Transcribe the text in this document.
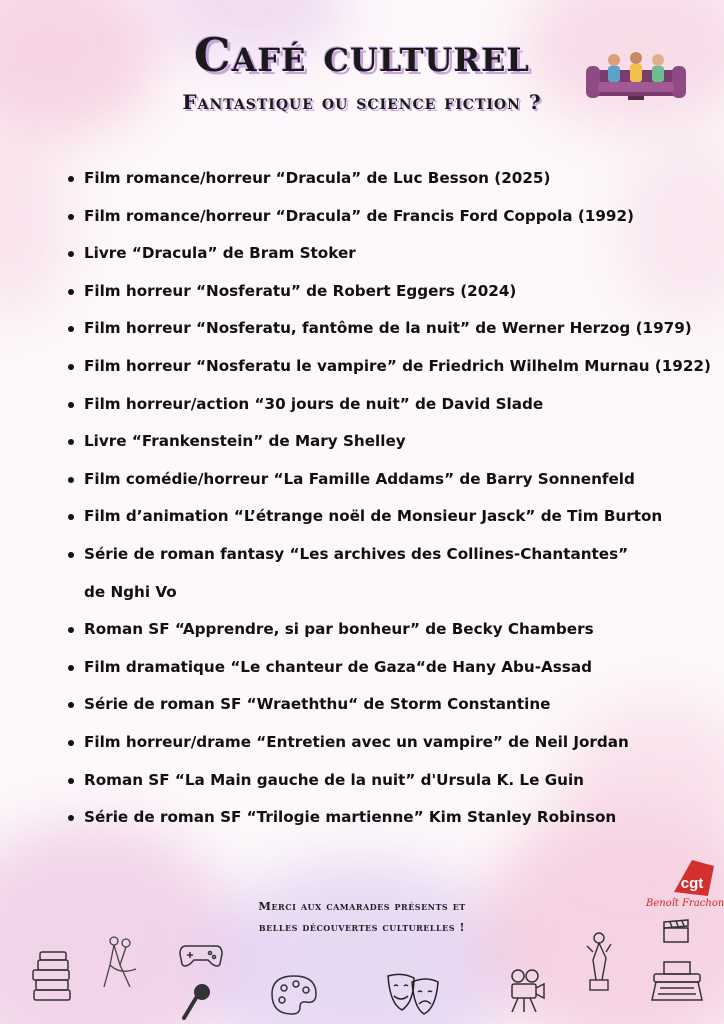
Café culturel
Fantastique ou science fiction ?
Film romance/horreur “Dracula” de Luc Besson (2025)
Film romance/horreur “Dracula” de Francis Ford Coppola (1992)
Livre “Dracula” de Bram Stoker
Film horreur “Nosferatu” de Robert Eggers (2024)
Film horreur “Nosferatu, fantôme de la nuit” de Werner Herzog (1979)
Film horreur “Nosferatu le vampire” de Friedrich Wilhelm Murnau (1922)
Film horreur/action “30 jours de nuit” de David Slade
Livre “Frankenstein” de Mary Shelley
Film comédie/horreur “La Famille Addams” de Barry Sonnenfeld
Film d’animation “L’étrange noël de Monsieur Jasck” de Tim Burton
Série de roman fantasy “Les archives des Collines-Chantantes” de Nghi Vo
Roman SF “Apprendre, si par bonheur” de Becky Chambers
Film dramatique “Le chanteur de Gaza“de Hany Abu-Assad
Série de roman SF “Wraeththu“ de Storm Constantine
Film horreur/drame “Entretien avec un vampire” de Neil Jordan
Roman SF “La Main gauche de la nuit” d'Ursula K. Le Guin
Série de roman SF “Trilogie martienne” Kim Stanley Robinson
Merci aux camarades présents et
belles découvertes culturelles !
cgt
Benoît Frachon
